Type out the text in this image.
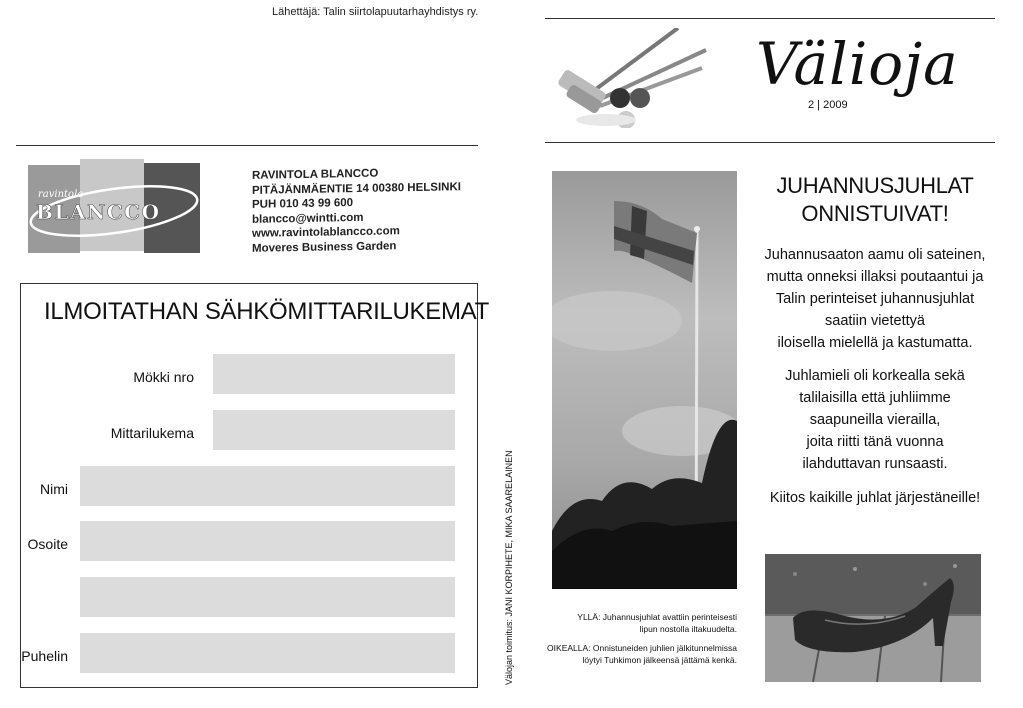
Lähettäjä: Talin siirtolapuutarhayhdistys ry.
ravintola
BLANCCO
RAVINTOLA BLANCCO
PITÄJÄNMÄENTIE 14 00380 HELSINKI
PUH 010 43 99 600
blancco@wintti.com
www.ravintolablancco.com
Moveres Business Garden
ILMOITATHAN SÄHKÖMITTARILUKEMAT
Mökki nro
Mittarilukema
Nimi
Osoite
Puhelin	Välojan toimitus: JANI KORPIHETE, MIKA SAARELAINEN
Välioja
2 | 2009
JUHANNUSJUHLAT
ONNISTUIVAT!
Juhannusaaton aamu oli sateinen,
mutta onneksi illaksi poutaantui ja
Talin perinteiset juhannusjuhlat
saatiin vietettyä
iloisella mielellä ja kastumatta.
Juhlamieli oli korkealla sekä
talilaisilla että juhliimme
saapuneilla vierailla,
joita riitti tänä vuonna
ilahduttavan runsaasti.
Kiitos kaikille juhlat järjestäneille!
YLLÄ: Juhannusjuhlat avattiin perinteisesti
lipun nostolla iltakuudelta.
OIKEALLA: Onnistuneiden juhlien jälkitunnelmissa
löytyi Tuhkimon jälkeensä jättämä kenkä.
